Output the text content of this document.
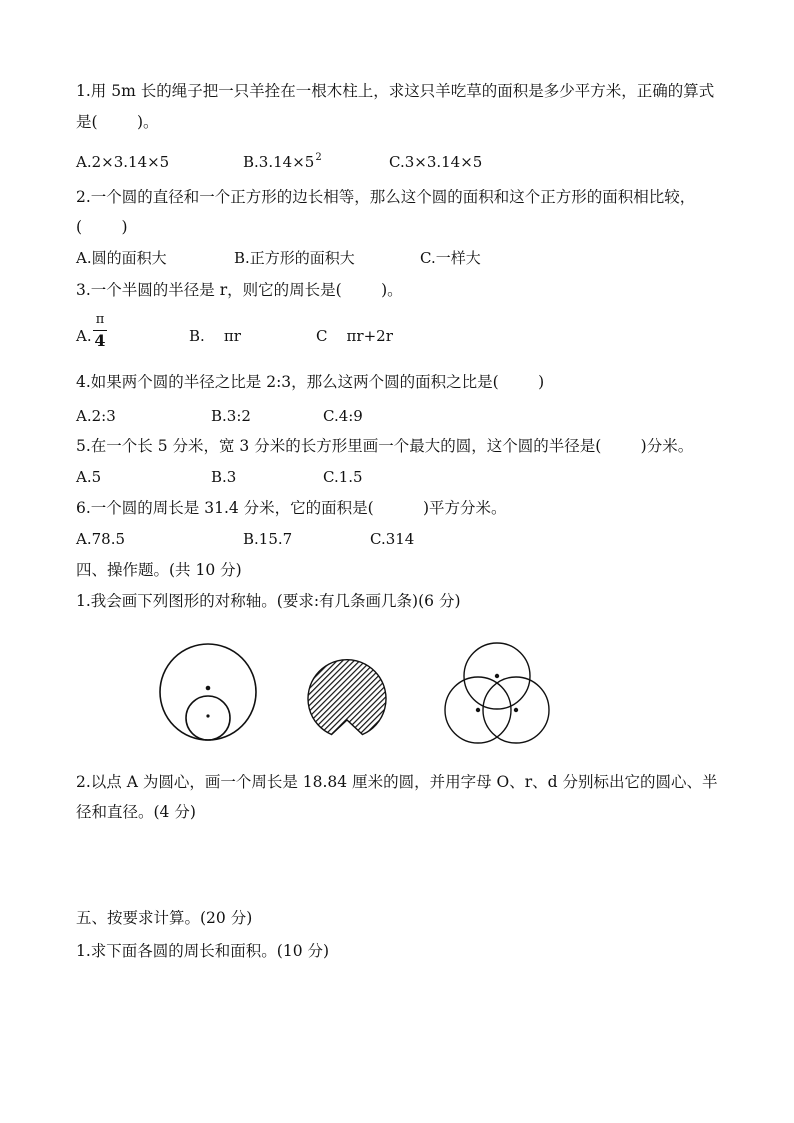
1.用 5m 长的绳子把一只羊拴在一根木柱上，求这只羊吃草的面积是多少平方米，正确的算式
是(        )。
A.2×3.14×5	$B.3.14\times 5^2$	C.3×3.14×5
2.一个圆的直径和一个正方形的边长相等，那么这个圆的面积和这个正方形的面积相比较，
(        )
A.圆的面积大	B.正方形的面积大	C.一样大
3.一个半圆的半径是 r，则它的周长是(        )。
A.
π
4	B.    πr	C    πr+2r
4.如果两个圆的半径之比是 2:3，那么这两个圆的面积之比是(        )
A.2:3	B.3:2	C.4:9
5.在一个长 5 分米，宽 3 分米的长方形里画一个最大的圆，这个圆的半径是(        )分米。
A.5	B.3	C.1.5
6.一个圆的周长是 31.4 分米，它的面积是(          )平方分米。
A.78.5	B.15.7	C.314
四、操作题。(共 10 分)
1.我会画下列图形的对称轴。(要求:有几条画几条)(6 分)
2.以点 A 为圆心，画一个周长是 18.84 厘米的圆，并用字母 O、r、d 分别标出它的圆心、半
径和直径。(4 分)
五、按要求计算。(20 分)
1.求下面各圆的周长和面积。(10 分)
